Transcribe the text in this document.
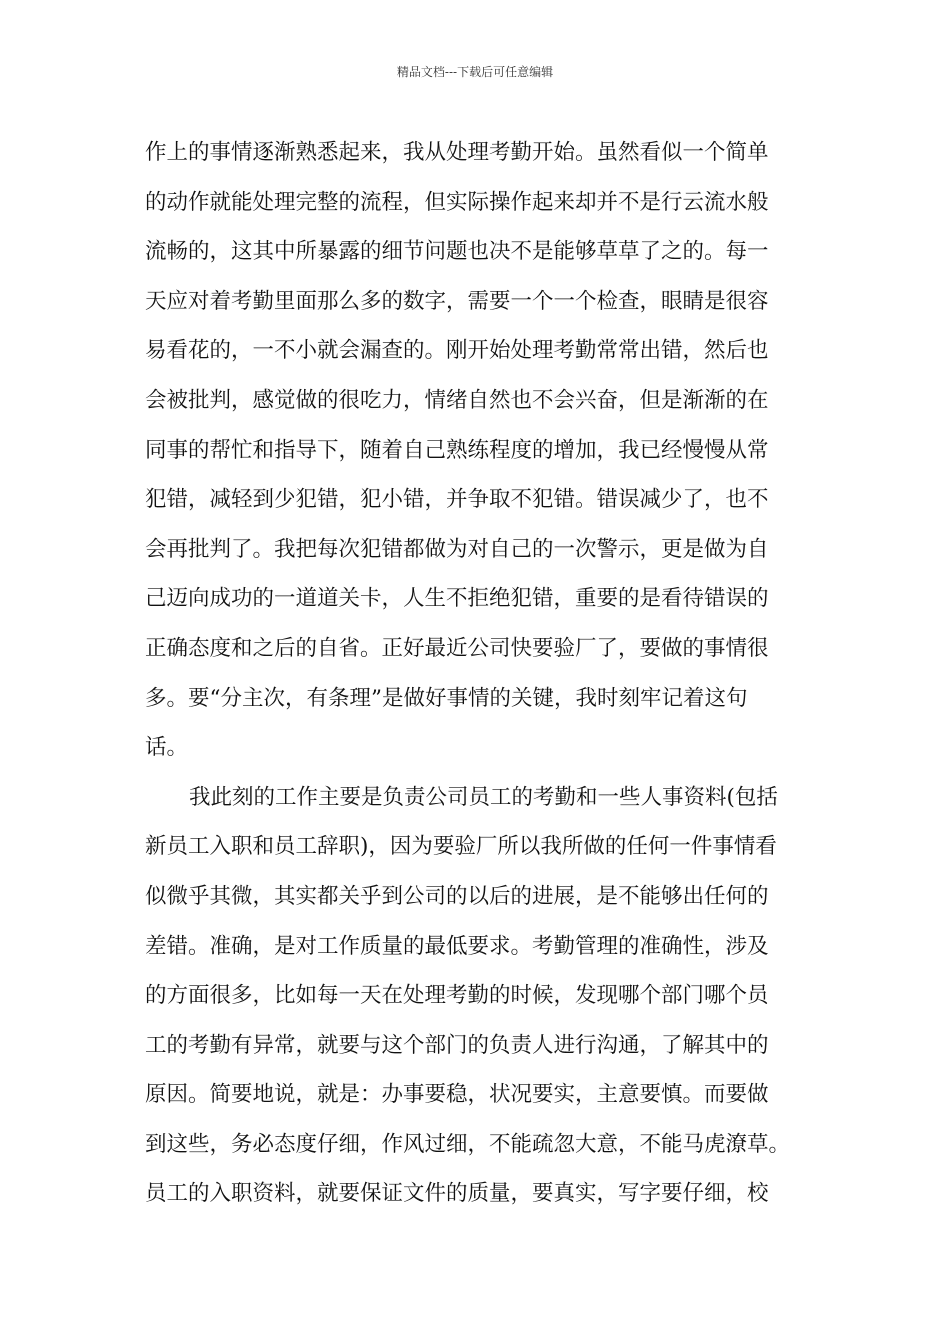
精品文档---下载后可任意编辑
作上的事情逐渐熟悉起来，我从处理考勤开始。虽然看似一个简单
的动作就能处理完整的流程，但实际操作起来却并不是行云流水般
流畅的，这其中所暴露的细节问题也决不是能够草草了之的。每一
天应对着考勤里面那么多的数字，需要一个一个检查，眼睛是很容
易看花的，一不小就会漏查的。刚开始处理考勤常常出错，然后也
会被批判，感觉做的很吃力，情绪自然也不会兴奋，但是渐渐的在
同事的帮忙和指导下，随着自己熟练程度的增加，我已经慢慢从常
犯错，减轻到少犯错，犯小错，并争取不犯错。错误减少了，也不
会再批判了。我把每次犯错都做为对自己的一次警示，更是做为自
己迈向成功的一道道关卡，人生不拒绝犯错，重要的是看待错误的
正确态度和之后的自省。正好最近公司快要验厂了，要做的事情很
多。要“分主次，有条理”是做好事情的关键，我时刻牢记着这句
话。
我此刻的工作主要是负责公司员工的考勤和一些人事资料(包括
新员工入职和员工辞职)，因为要验厂所以我所做的任何一件事情看
似微乎其微，其实都关乎到公司的以后的进展，是不能够出任何的
差错。准确，是对工作质量的最低要求。考勤管理的准确性，涉及
的方面很多，比如每一天在处理考勤的时候，发现哪个部门哪个员
工的考勤有异常，就要与这个部门的负责人进行沟通，了解其中的
原因。简要地说，就是：办事要稳，状况要实，主意要慎。而要做
到这些，务必态度仔细，作风过细，不能疏忽大意，不能马虎潦草。
员工的入职资料，就要保证文件的质量，要真实，写字要仔细，校
